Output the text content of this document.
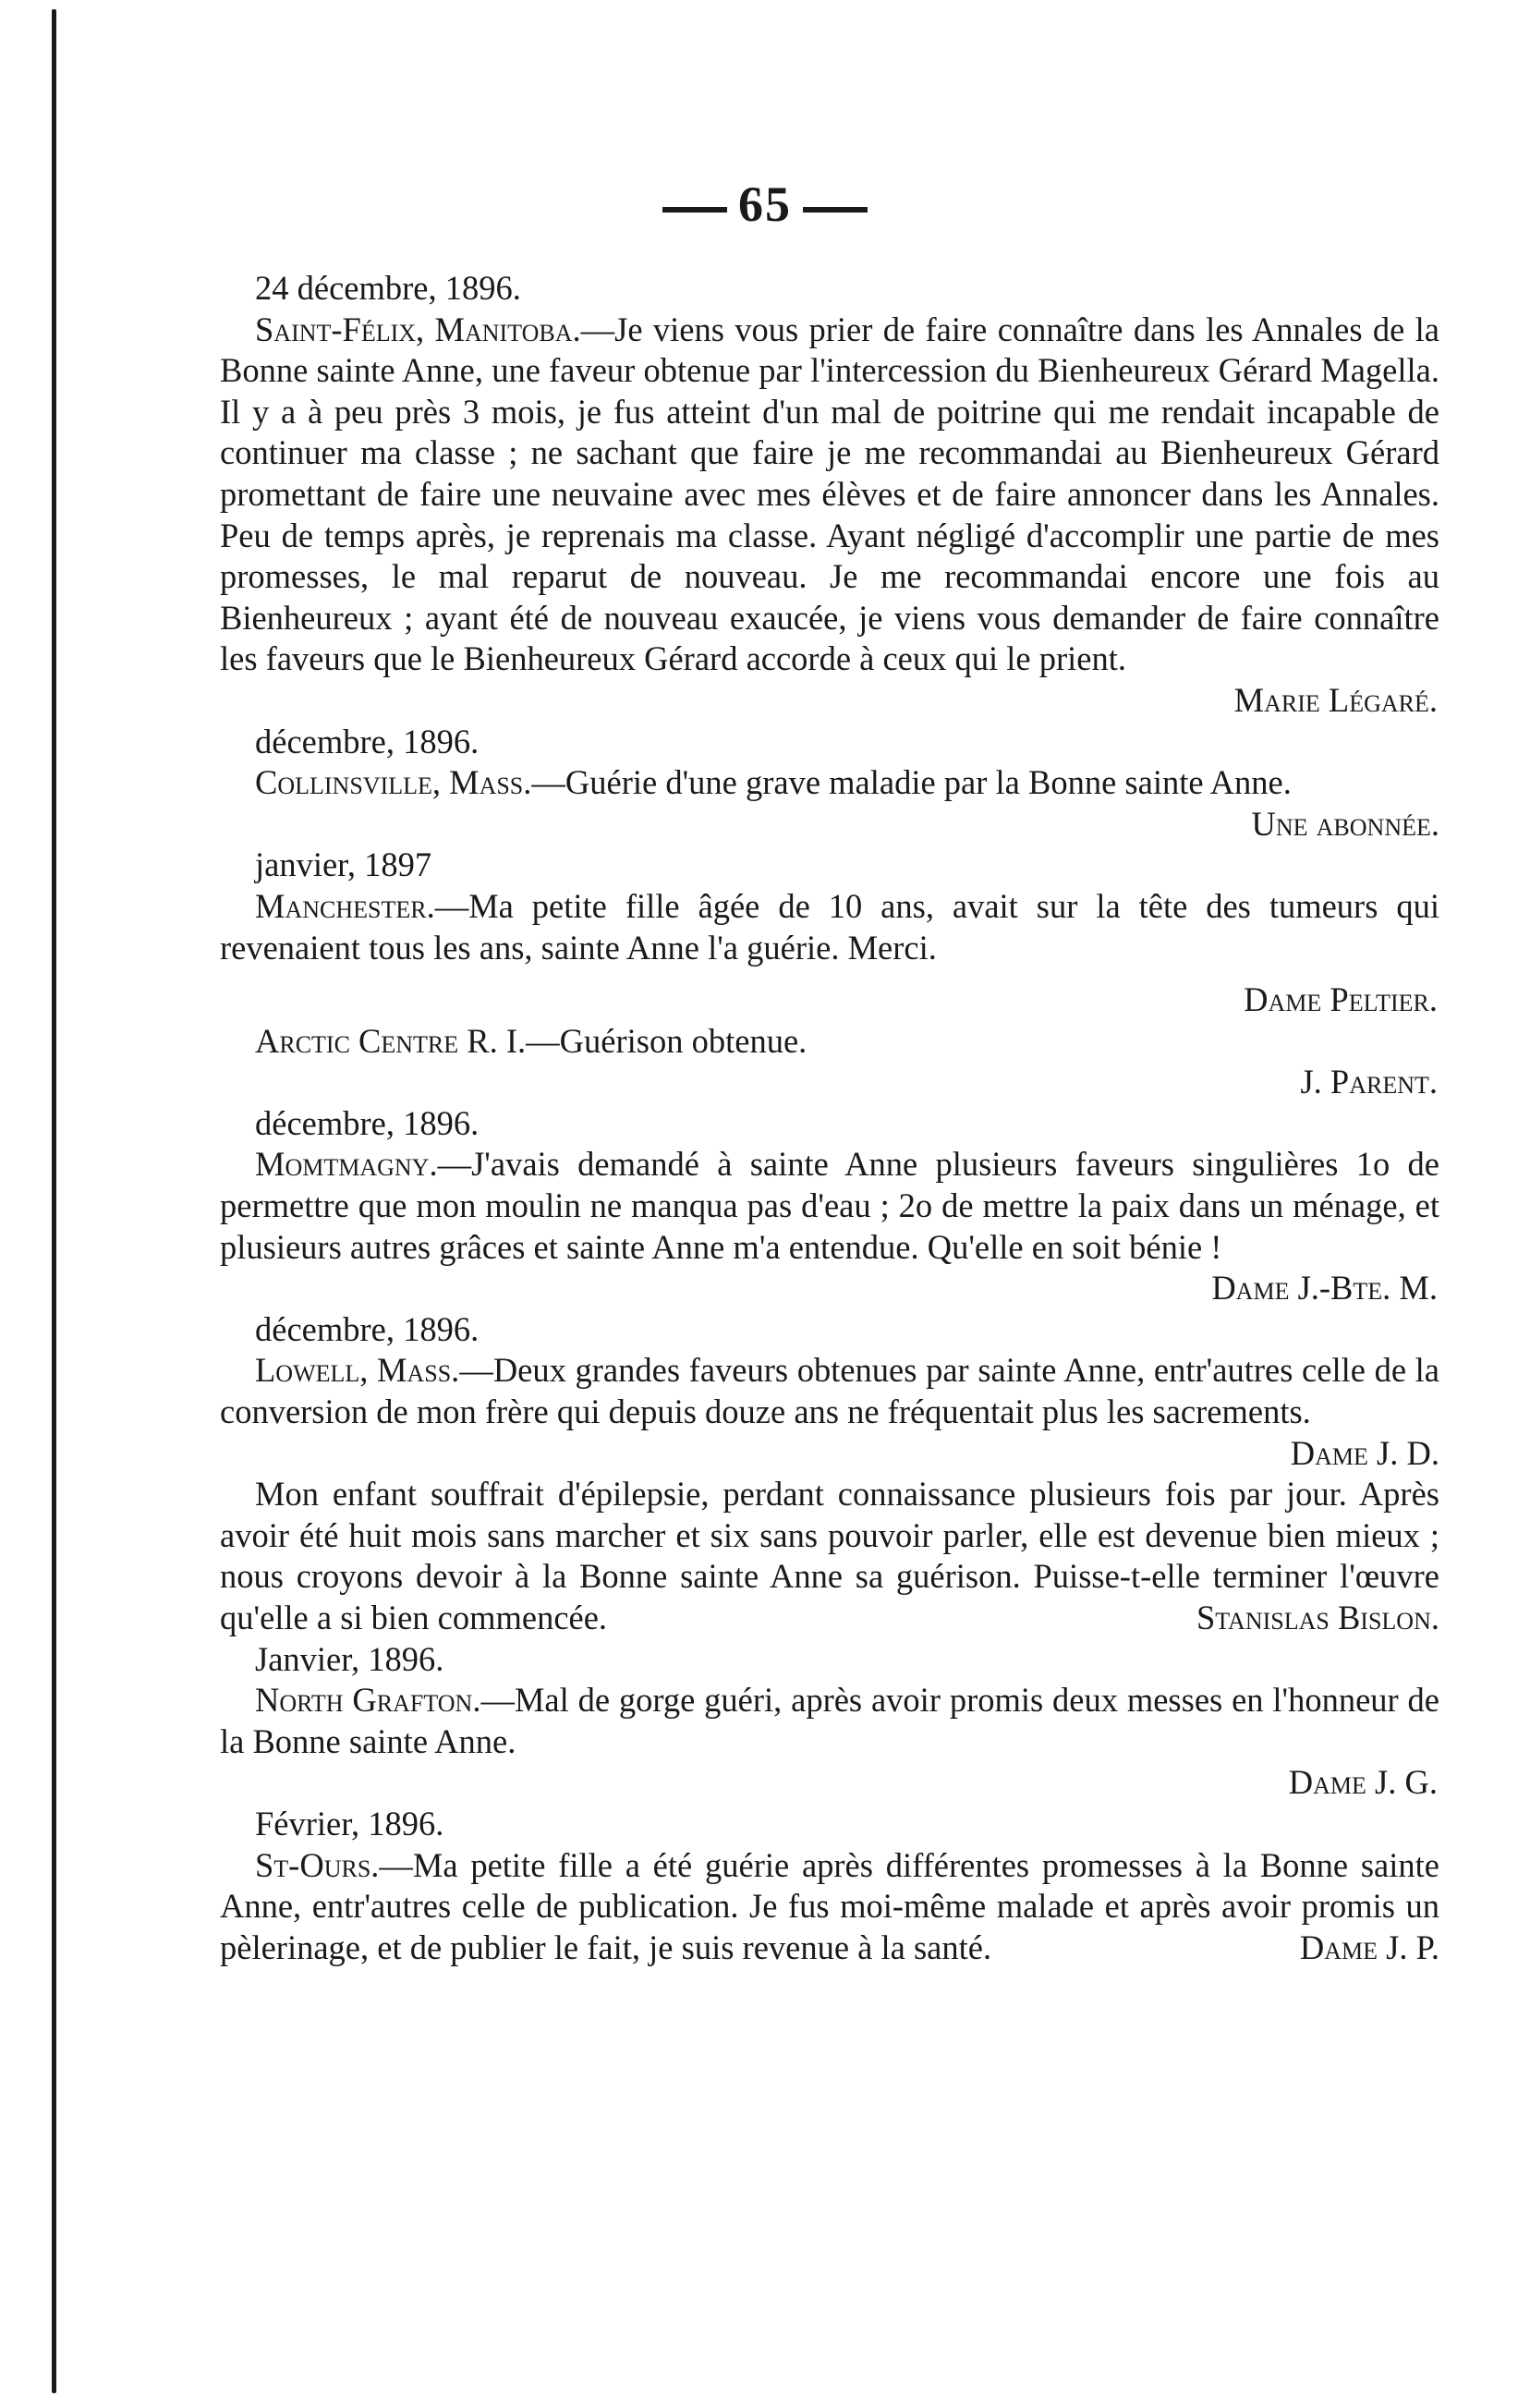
65
24 décembre, 1896.
Saint-Félix, Manitoba.—Je viens vous prier de faire connaître dans les Annales de la Bonne sainte Anne, une faveur obtenue par l'intercession du Bienheureux Gérard Magella. Il y a à peu près 3 mois, je fus atteint d'un mal de poitrine qui me rendait incapable de continuer ma classe ; ne sachant que faire je me recommandai au Bienheureux Gérard promettant de faire une neuvaine avec mes élèves et de faire annoncer dans les Annales. Peu de temps après, je reprenais ma classe. Ayant négligé d'accomplir une partie de mes promesses, le mal reparut de nouveau. Je me recommandai encore une fois au Bienheureux ; ayant été de nouveau exaucée, je viens vous demander de faire connaître les faveurs que le Bienheureux Gérard accorde à ceux qui le prient.
Marie Légaré.
décembre, 1896.
Collinsville, Mass.—Guérie d'une grave maladie par la Bonne sainte Anne.
Une abonnée.
janvier, 1897
Manchester.—Ma petite fille âgée de 10 ans, avait sur la tête des tumeurs qui revenaient tous les ans, sainte Anne l'a guérie. Merci.
Dame Peltier.
Arctic Centre R. I.—Guérison obtenue.
J. Parent.
décembre, 1896.
Momtmagny.—J'avais demandé à sainte Anne plusieurs faveurs singulières 1o de permettre que mon moulin ne manqua pas d'eau ; 2o de mettre la paix dans un ménage, et plusieurs autres grâces et sainte Anne m'a entendue. Qu'elle en soit bénie !
Dame J.-Bte. M.
décembre, 1896.
Lowell, Mass.—Deux grandes faveurs obtenues par sainte Anne, entr'autres celle de la conversion de mon frère qui depuis douze ans ne fréquentait plus les sacrements.
Dame J. D.
Mon enfant souffrait d'épilepsie, perdant connaissance plusieurs fois par jour. Après avoir été huit mois sans marcher et six sans pouvoir parler, elle est devenue bien mieux ; nous croyons devoir à la Bonne sainte Anne sa guérison. Puisse-t-elle terminer l'œuvre qu'elle a si bien commencée.	Stanislas Bislon.
Janvier, 1896.
North Grafton.—Mal de gorge guéri, après avoir promis deux messes en l'honneur de la Bonne sainte Anne.
Dame J. G.
Février, 1896.
St-Ours.—Ma petite fille a été guérie après différentes promesses à la Bonne sainte Anne, entr'autres celle de publication. Je fus moi-même malade et après avoir promis un pèlerinage, et de publier le fait, je suis revenue à la santé.	Dame J. P.
